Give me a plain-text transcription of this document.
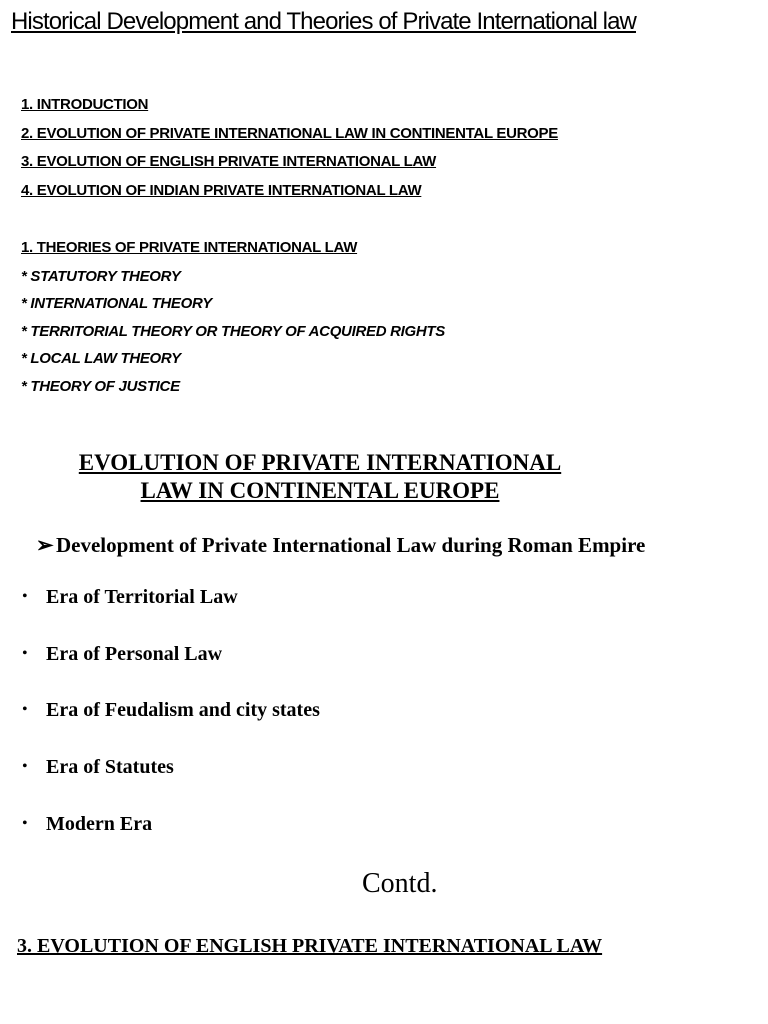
Historical Development and Theories of Private International law
1. INTRODUCTION
2. EVOLUTION OF PRIVATE INTERNATIONAL LAW IN CONTINENTAL EUROPE
3. EVOLUTION OF ENGLISH PRIVATE INTERNATIONAL LAW
4. EVOLUTION OF INDIAN PRIVATE INTERNATIONAL LAW
1. THEORIES OF PRIVATE INTERNATIONAL LAW
* STATUTORY THEORY
* INTERNATIONAL THEORY
* TERRITORIAL THEORY OR THEORY OF ACQUIRED RIGHTS
* LOCAL LAW THEORY
* THEORY OF JUSTICE
EVOLUTION OF PRIVATE INTERNATIONAL
LAW IN CONTINENTAL EUROPE
➢ Development of Private International Law during Roman Empire
• Era of Territorial Law
• Era of Personal Law
• Era of Feudalism and city states
• Era of Statutes
• Modern Era
Contd.
3. EVOLUTION OF ENGLISH PRIVATE INTERNATIONAL LAW
